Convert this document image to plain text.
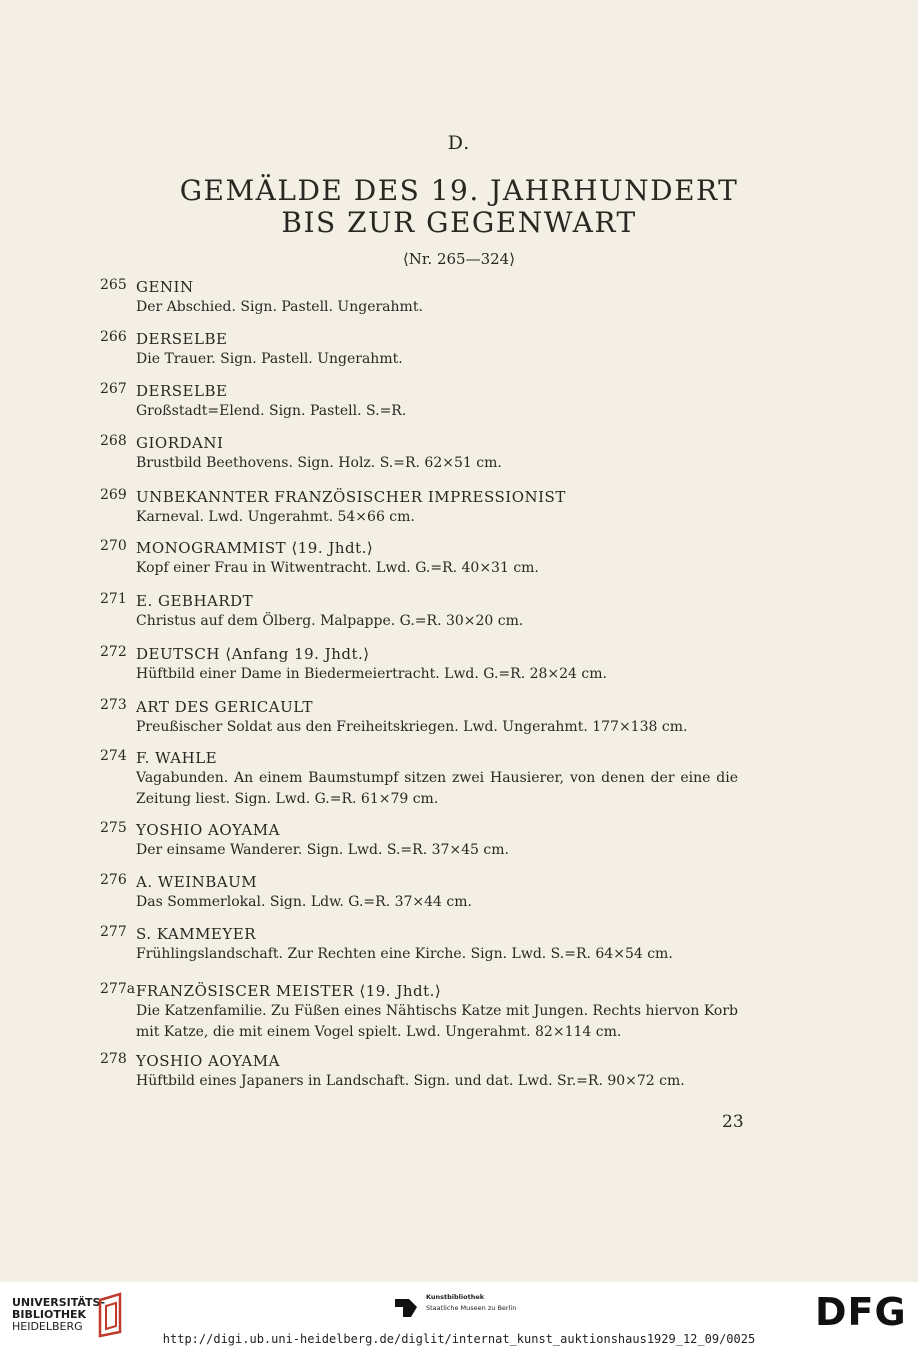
D.
GEMÄLDE DES 19. JAHRHUNDERT
BIS ZUR GEGENWART
⟨Nr. 265—324⟩
265 GENIN
Der Abschied. Sign. Pastell. Ungerahmt.
266 DERSELBE
Die Trauer. Sign. Pastell. Ungerahmt.
267 DERSELBE
Großstadt=Elend. Sign. Pastell. S.=R.
268 GIORDANI
Brustbild Beethovens. Sign. Holz. S.=R. 62×51 cm.
269 UNBEKANNTER FRANZÖSISCHER IMPRESSIONIST
Karneval. Lwd. Ungerahmt. 54×66 cm.
270 MONOGRAMMIST ⟨19. Jhdt.⟩
Kopf einer Frau in Witwentracht. Lwd. G.=R. 40×31 cm.
271 E. GEBHARDT
Christus auf dem Ölberg. Malpappe. G.=R. 30×20 cm.
272 DEUTSCH ⟨Anfang 19. Jhdt.⟩
Hüftbild einer Dame in Biedermeiertracht. Lwd. G.=R. 28×24 cm.
273 ART DES GERICAULT
Preußischer Soldat aus den Freiheitskriegen. Lwd. Ungerahmt. 177×138 cm.
274 F. WAHLE
Vagabunden. An einem Baumstumpf sitzen zwei Hausierer, von denen der eine die Zeitung liest. Sign. Lwd. G.=R. 61×79 cm.
275 YOSHIO AOYAMA
Der einsame Wanderer. Sign. Lwd. S.=R. 37×45 cm.
276 A. WEINBAUM
Das Sommerlokal. Sign. Ldw. G.=R. 37×44 cm.
277 S. KAMMEYER
Frühlingslandschaft. Zur Rechten eine Kirche. Sign. Lwd. S.=R. 64×54 cm.
277a FRANZÖSISCER MEISTER ⟨19. Jhdt.⟩
Die Katzenfamilie. Zu Füßen eines Nähtischs Katze mit Jungen. Rechts hiervon Korb mit Katze, die mit einem Vogel spielt. Lwd. Ungerahmt. 82×114 cm.
278 YOSHIO AOYAMA
Hüftbild eines Japaners in Landschaft. Sign. und dat. Lwd. Sr.=R. 90×72 cm.
23
UNIVERSITÄTS-
BIBLIOTHEK
HEIDELBERG
Kunstbibliothek
Staatliche Museen zu Berlin	DFG
http://digi.ub.uni-heidelberg.de/diglit/internat_kunst_auktionshaus1929_12_09/0025
